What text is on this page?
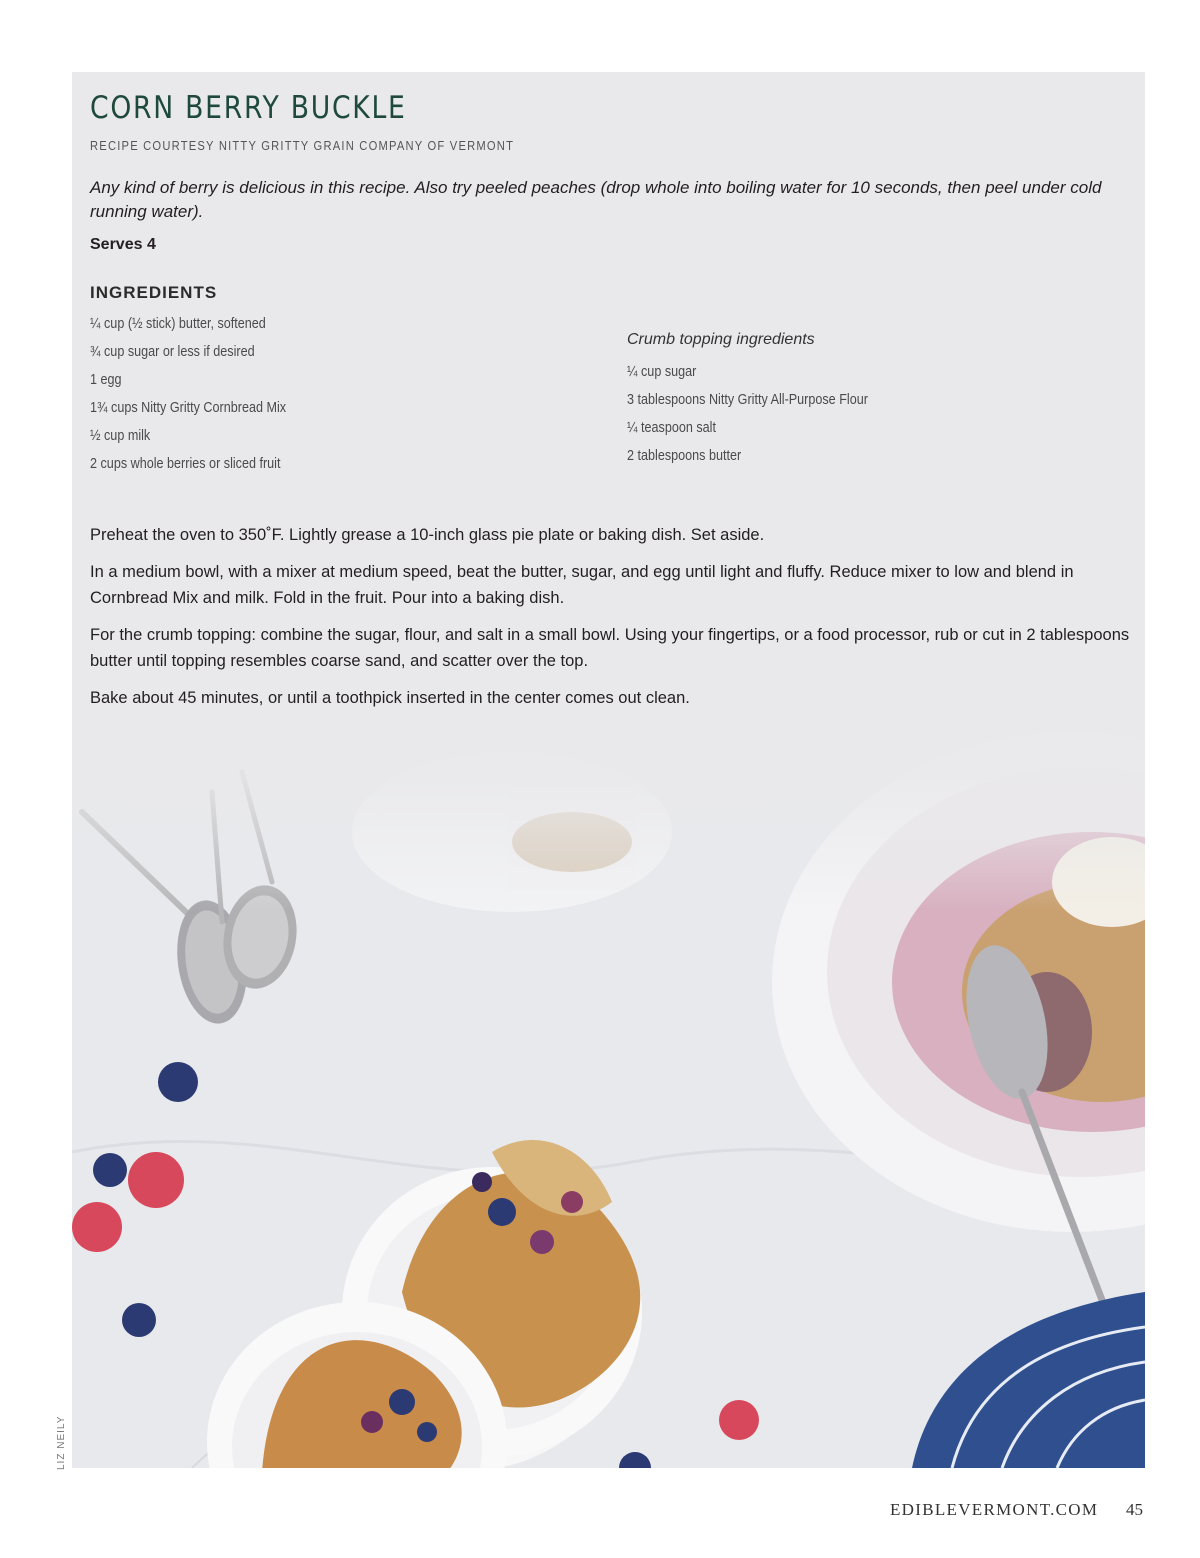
CORN BERRY BUCKLE
RECIPE COURTESY NITTY GRITTY GRAIN COMPANY OF VERMONT

Any kind of berry is delicious in this recipe. Also try peeled peaches (drop whole into boiling water for 10 seconds, then peel under cold running water).

Serves 4
INGREDIENTS
¼ cup (½ stick) butter, softened
¾ cup sugar or less if desired
1 egg
1¾ cups Nitty Gritty Cornbread Mix
½ cup milk
2 cups whole berries or sliced fruit
Crumb topping ingredients
¼ cup sugar
3 tablespoons Nitty Gritty All-Purpose Flour
¼ teaspoon salt
2 tablespoons butter

Preheat the oven to 350˚F. Lightly grease a 10-inch glass pie plate or baking dish. Set aside.

In a medium bowl, with a mixer at medium speed, beat the butter, sugar, and egg until light and fluffy. Reduce mixer to low and blend in Cornbread Mix and milk. Fold in the fruit. Pour into a baking dish.

For the crumb topping: combine the sugar, flour, and salt in a small bowl. Using your fingertips, or a food processor, rub or cut in 2 tablespoons butter until topping resembles coarse sand, and scatter over the top.

Bake about 45 minutes, or until a toothpick inserted in the center comes out clean.

LIZ NEILY
EDIBLEVERMONT.COM 45
